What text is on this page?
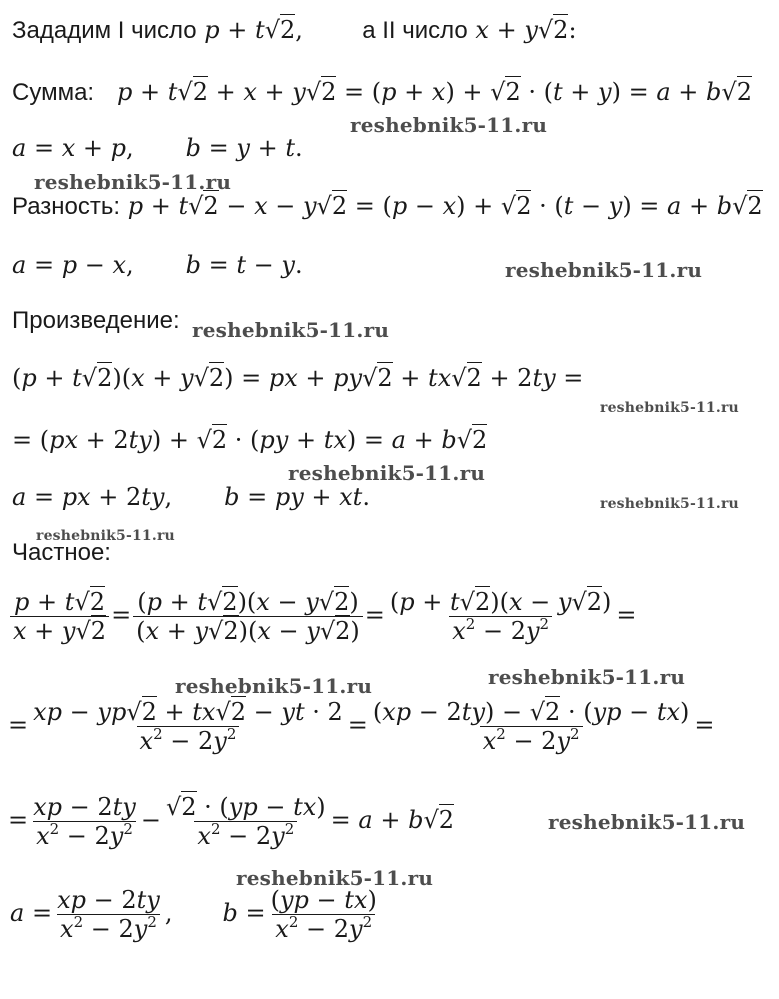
Зададим I число p + t√2, а II число x + y√2:
Сумма: p + t√2 + x + y√2 = (p + x) + √2 · (t + y) = a + b√2
reshebnik5-11.ru
a = x + p, b = y + t.
reshebnik5-11.ru
Разность: p + t√2 − x − y√2 = (p − x) + √2 · (t − y) = a + b√2
a = p − x, b = t − y.	reshebnik5-11.ru
Произведение: reshebnik5-11.ru
(p + t√2)(x + y√2) = px + py√2 + tx√2 + 2ty =
reshebnik5-11.ru
= (px + 2ty) + √2 · (py + tx) = a + b√2
reshebnik5-11.ru
a = px + 2ty, b = py + xt.	reshebnik5-11.ru
reshebnik5-11.ru
Частное:
$\frac{p + t√2}{x + y√2} = \frac{(p + t√2)(x - y√2)}{(x + y√2)(x - y√2)} = \frac{(p + t√2)(x - y√2)}{x^2 - 2y^2}$ =
reshebnik5-11.ru	reshebnik5-11.ru
= $\frac{xp - yp√2 + tx√2 - yt \cdot 2}{x^2 - 2y^2} = \frac{(xp - 2ty) - √2 \cdot (yp - tx)}{x^2 - 2y^2}$ =
= $\frac{xp - 2ty}{x^2 - 2y^2} - \frac{√2 \cdot (yp - tx)}{x^2 - 2y^2} = a + b√2$	reshebnik5-11.ru
reshebnik5-11.ru
$a = \frac{xp - 2ty}{x^2 - 2y^2}$ , $b = \frac{(yp - tx)}{x^2 - 2y^2}$
